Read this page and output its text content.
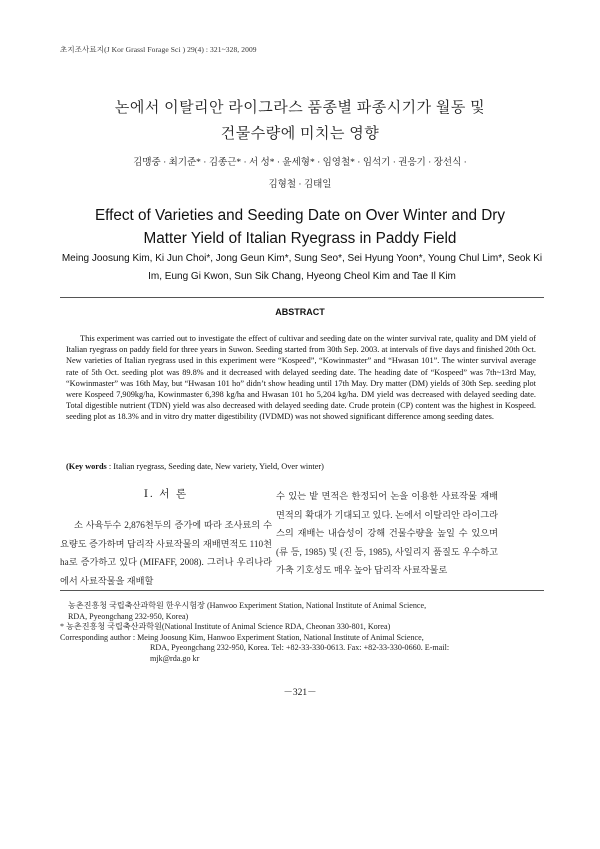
초지조사료지(J Kor Grassl Forage Sci ) 29(4) : 321~328, 2009
논에서 이탈리안 라이그라스 품종별 파종시기가 월동 및
건물수량에 미치는 영향
김맹중 · 최기준* · 김종근* · 서 성* · 윤세형* · 임영철* · 임석기 · 권응기 · 장선식 ·
김형철 · 김태일
Effect of Varieties and Seeding Date on Over Winter and Dry
Matter Yield of Italian Ryegrass in Paddy Field
Meing Joosung Kim, Ki Jun Choi*, Jong Geun Kim*, Sung Seo*, Sei Hyung Yoon*, Young Chul Lim*, Seok Ki Im, Eung Gi Kwon, Sun Sik Chang, Hyeong Cheol Kim and Tae Il Kim
ABSTRACT

This experiment was carried out to investigate the effect of cultivar and seeding date on the winter survival rate, quality and DM yield of Italian ryegrass on paddy field for three years in Suwon. Seeding started from 30th Sep. 2003. at intervals of five days and finished 20th Oct. New varieties of Italian ryegrass used in this experiment were “Kospeed”, “Kowinmaster” and “Hwasan 101”. The winter survival average rate of 5th Oct. seeding plot was 89.8% and it decreased with delayed seeding date. The heading date of “Kospeed” was 7th~13rd May, “Kowinmaster” was 16th May, but “Hwasan 101 ho” didn’t show heading until 17th May. Dry matter (DM) yields of 30th Sep. seeding plot were Kospeed 7,909kg/ha, Kowinmaster 6,398 kg/ha and Hwasan 101 ho 5,204 kg/ha. DM yield was decreased with delayed seeding date. Total digestible nutrient (TDN) yield was also decreased with delayed seeding date. Crude protein (CP) content was the highest in Kospeed. seeding plot as 18.3% and in vitro dry matter digestibility (IVDMD) was not showed significant difference among seeding dates.

(Key words : Italian ryegrass, Seeding date, New variety, Yield, Over winter)
Ⅰ. 서 론
소 사육두수 2,876천두의 증가에 따라 조사료의 수요량도 증가하며 답리작 사료작물의 재배면적도 110천ha로 증가하고 있다 (MIFAFF, 2008). 그러나 우리나라에서 사료작물을 재배할
수 있는 밭 면적은 한정되어 논을 이용한 사료작물 재배면적의 확대가 기대되고 있다. 논에서 이탈리안 라이그라스의 재배는 내습성이 강해 건물수량을 높일 수 있으며 (류 등, 1985) 및 (진 등, 1985), 사일리지 품질도 우수하고 가축 기호성도 매우 높아 답리작 사료작물로
농촌진흥청 국립축산과학원 한우시험장 (Hanwoo Experiment Station, National Institute of Animal Science,
RDA, Pyeongchang 232-950, Korea)
* 농촌진흥청 국립축산과학원(National Institute of Animal Science RDA, Cheonan 330-801, Korea)
Corresponding author : Meing Joosung Kim, Hanwoo Experiment Station, National Institute of Animal Science,
RDA, Pyeongchang 232-950, Korea. Tel: +82-33-330-0613. Fax: +82-33-330-0660. E-mail:
mjk@rda.go kr
－321－
